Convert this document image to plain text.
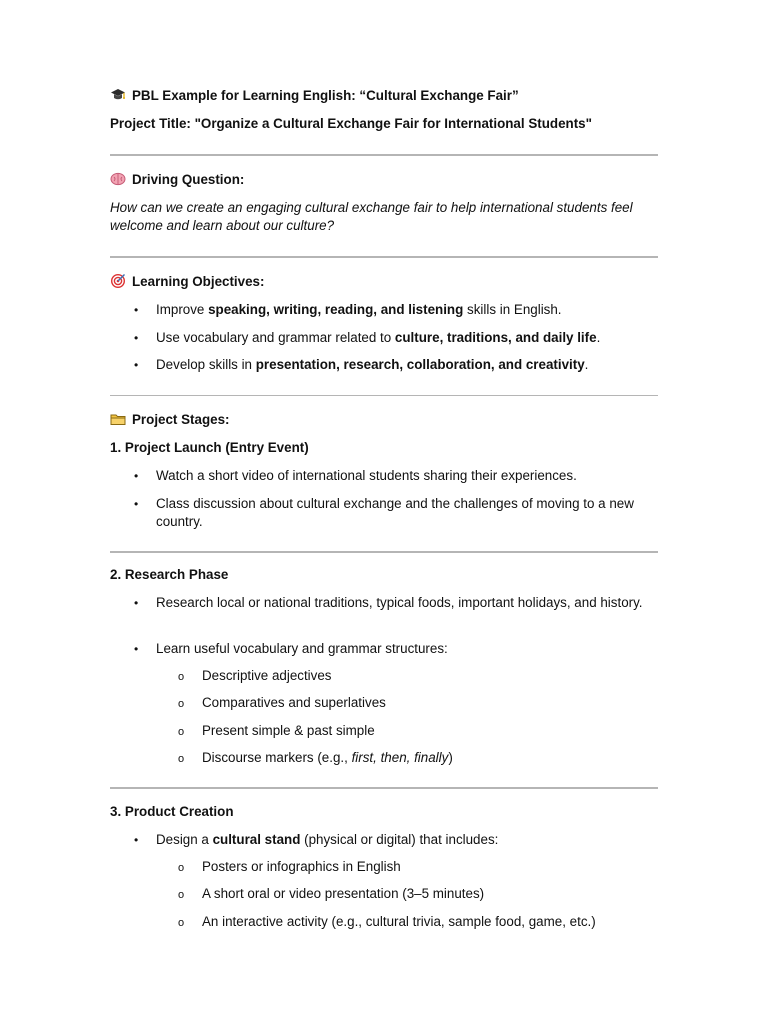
PBL Example for Learning English: “Cultural Exchange Fair”
Project Title: "Organize a Cultural Exchange Fair for International Students"
Driving Question:
How can we create an engaging cultural exchange fair to help international students feel welcome and learn about our culture?
Learning Objectives:
• Improve speaking, writing, reading, and listening skills in English.
• Use vocabulary and grammar related to culture, traditions, and daily life.
• Develop skills in presentation, research, collaboration, and creativity.
Project Stages:
1. Project Launch (Entry Event)
• Watch a short video of international students sharing their experiences.
• Class discussion about cultural exchange and the challenges of moving to a new country.
2. Research Phase
• Research local or national traditions, typical foods, important holidays, and history.
• Learn useful vocabulary and grammar structures:
o Descriptive adjectives
o Comparatives and superlatives
o Present simple & past simple
o Discourse markers (e.g., first, then, finally)
3. Product Creation
• Design a cultural stand (physical or digital) that includes:
o Posters or infographics in English
o A short oral or video presentation (3–5 minutes)
o An interactive activity (e.g., cultural trivia, sample food, game, etc.)
